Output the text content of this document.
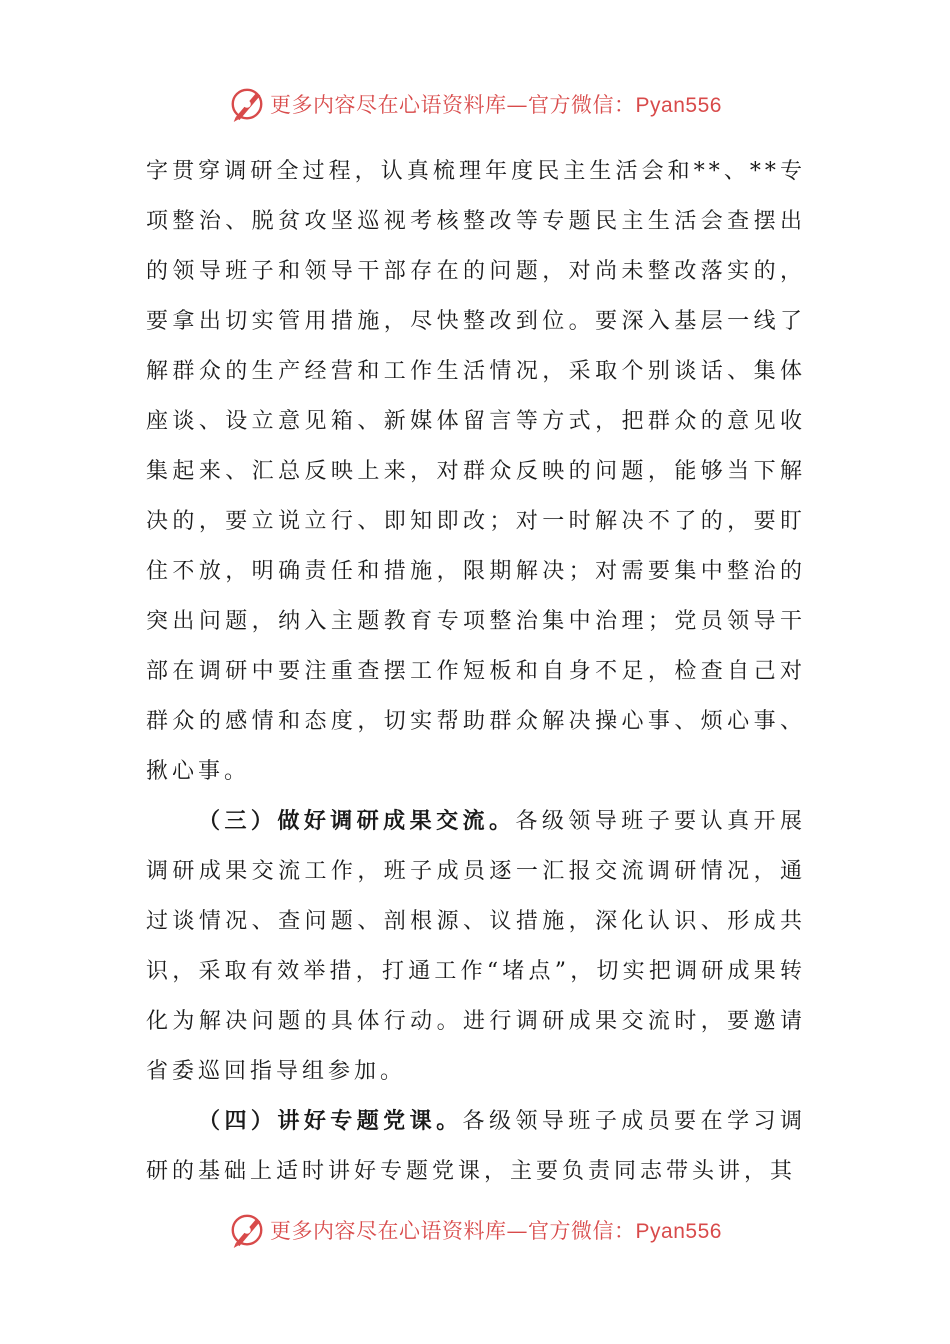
更多内容尽在心语资料库—官方微信：Pyan556

字贯穿调研全过程，认真梳理年度民主生活会和**、**专项整治、脱贫攻坚巡视考核整改等专题民主生活会查摆出的领导班子和领导干部存在的问题，对尚未整改落实的，要拿出切实管用措施，尽快整改到位。要深入基层一线了解群众的生产经营和工作生活情况，采取个别谈话、集体座谈、设立意见箱、新媒体留言等方式，把群众的意见收集起来、汇总反映上来，对群众反映的问题，能够当下解决的，要立说立行、即知即改；对一时解决不了的，要盯住不放，明确责任和措施，限期解决；对需要集中整治的突出问题，纳入主题教育专项整治集中治理；党员领导干部在调研中要注重查摆工作短板和自身不足，检查自己对群众的感情和态度，切实帮助群众解决操心事、烦心事、揪心事。

（三）做好调研成果交流。各级领导班子要认真开展调研成果交流工作，班子成员逐一汇报交流调研情况，通过谈情况、查问题、剖根源、议措施，深化认识、形成共识，采取有效举措，打通工作“堵点”，切实把调研成果转化为解决问题的具体行动。进行调研成果交流时，要邀请省委巡回指导组参加。

（四）讲好专题党课。各级领导班子成员要在学习调研的基础上适时讲好专题党课，主要负责同志带头讲，其

更多内容尽在心语资料库—官方微信：Pyan556
